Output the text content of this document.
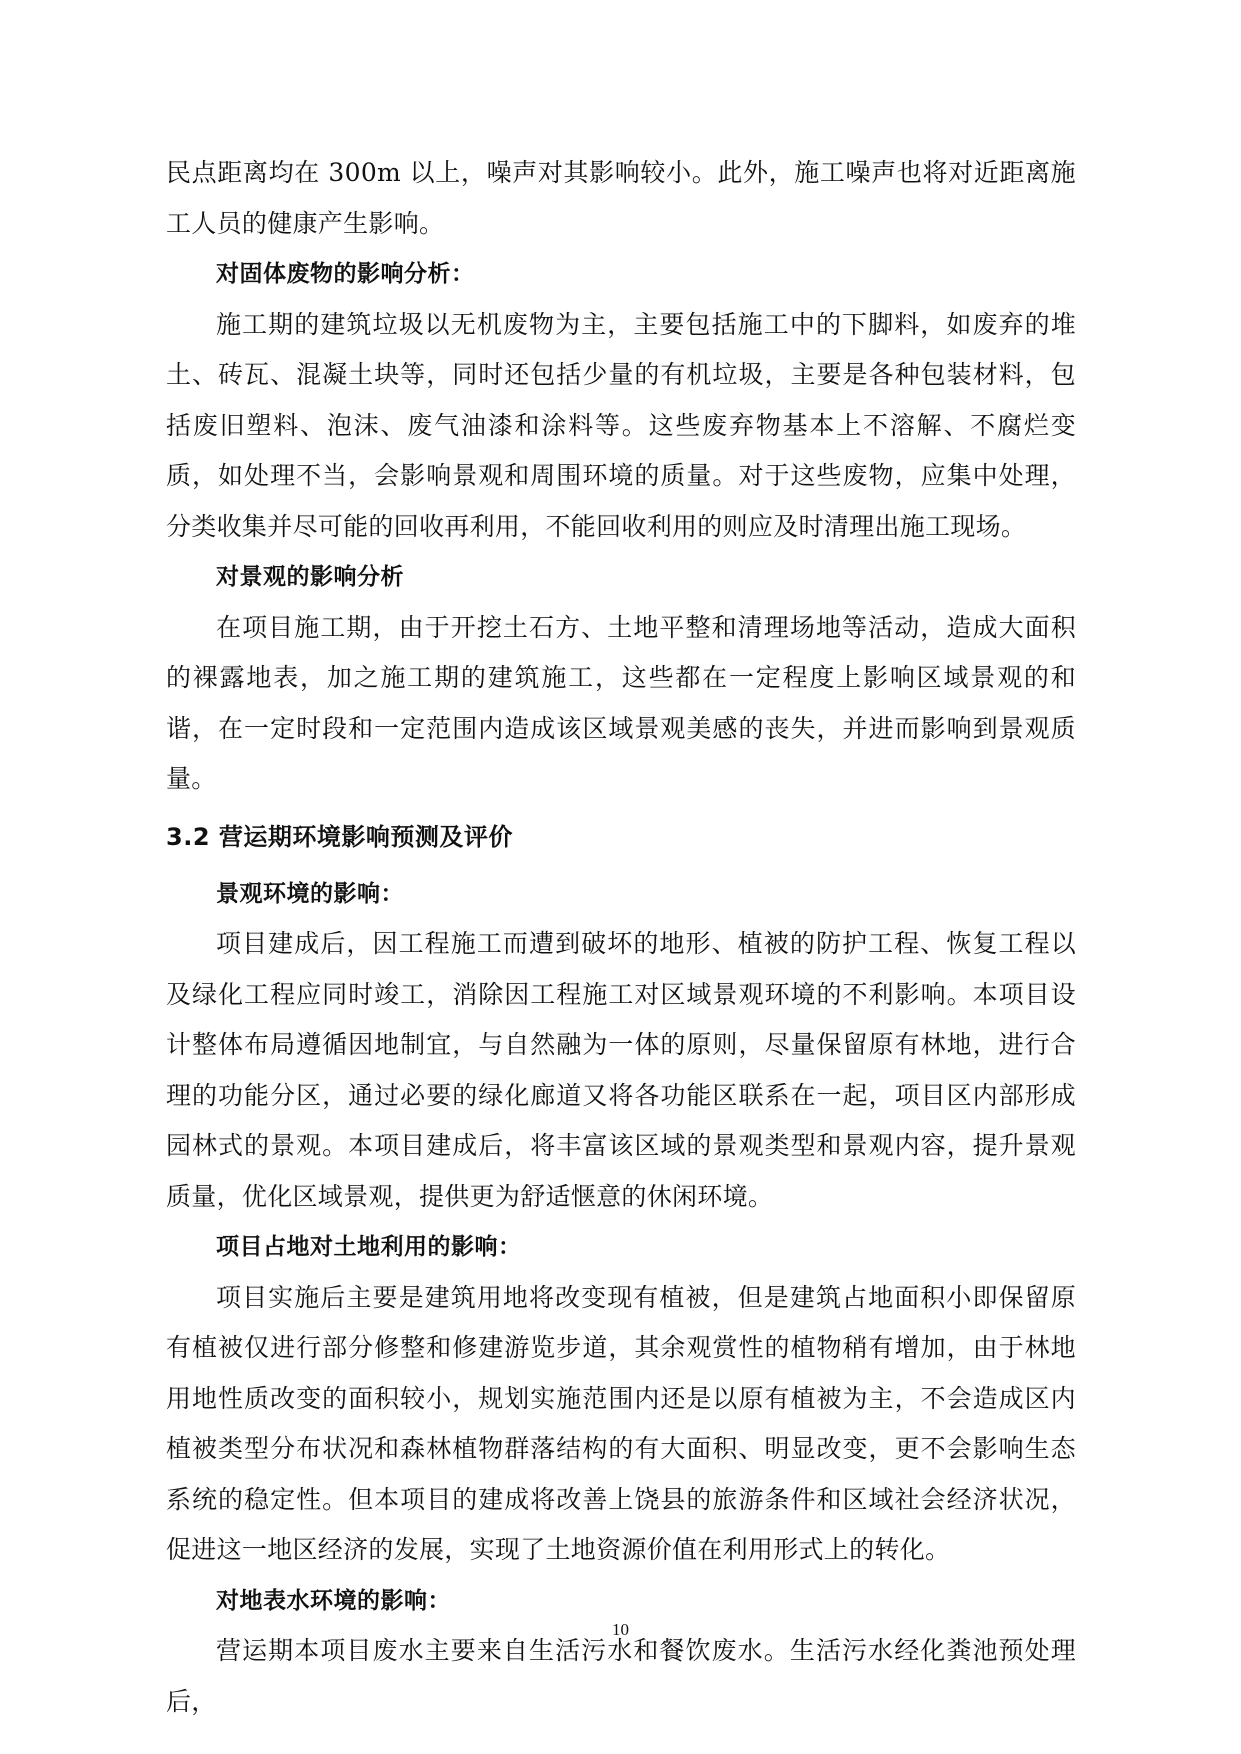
民点距离均在 300m 以上，噪声对其影响较小。此外，施工噪声也将对近距离施工人员的健康产生影响。

对固体废物的影响分析：

施工期的建筑垃圾以无机废物为主，主要包括施工中的下脚料，如废弃的堆土、砖瓦、混凝土块等，同时还包括少量的有机垃圾，主要是各种包装材料，包括废旧塑料、泡沫、废气油漆和涂料等。这些废弃物基本上不溶解、不腐烂变质，如处理不当，会影响景观和周围环境的质量。对于这些废物，应集中处理，分类收集并尽可能的回收再利用，不能回收利用的则应及时清理出施工现场。

对景观的影响分析

在项目施工期，由于开挖土石方、土地平整和清理场地等活动，造成大面积的裸露地表，加之施工期的建筑施工，这些都在一定程度上影响区域景观的和谐，在一定时段和一定范围内造成该区域景观美感的丧失，并进而影响到景观质量。

3.2 营运期环境影响预测及评价

景观环境的影响：

项目建成后，因工程施工而遭到破坏的地形、植被的防护工程、恢复工程以及绿化工程应同时竣工，消除因工程施工对区域景观环境的不利影响。本项目设计整体布局遵循因地制宜，与自然融为一体的原则，尽量保留原有林地，进行合理的功能分区，通过必要的绿化廊道又将各功能区联系在一起，项目区内部形成园林式的景观。本项目建成后，将丰富该区域的景观类型和景观内容，提升景观质量，优化区域景观，提供更为舒适惬意的休闲环境。

项目占地对土地利用的影响：

项目实施后主要是建筑用地将改变现有植被，但是建筑占地面积小即保留原有植被仅进行部分修整和修建游览步道，其余观赏性的植物稍有增加，由于林地用地性质改变的面积较小，规划实施范围内还是以原有植被为主，不会造成区内植被类型分布状况和森林植物群落结构的有大面积、明显改变，更不会影响生态系统的稳定性。但本项目的建成将改善上饶县的旅游条件和区域社会经济状况，促进这一地区经济的发展，实现了土地资源价值在利用形式上的转化。

对地表水环境的影响：

营运期本项目废水主要来自生活污水和餐饮废水。生活污水经化粪池预处理后，

10
